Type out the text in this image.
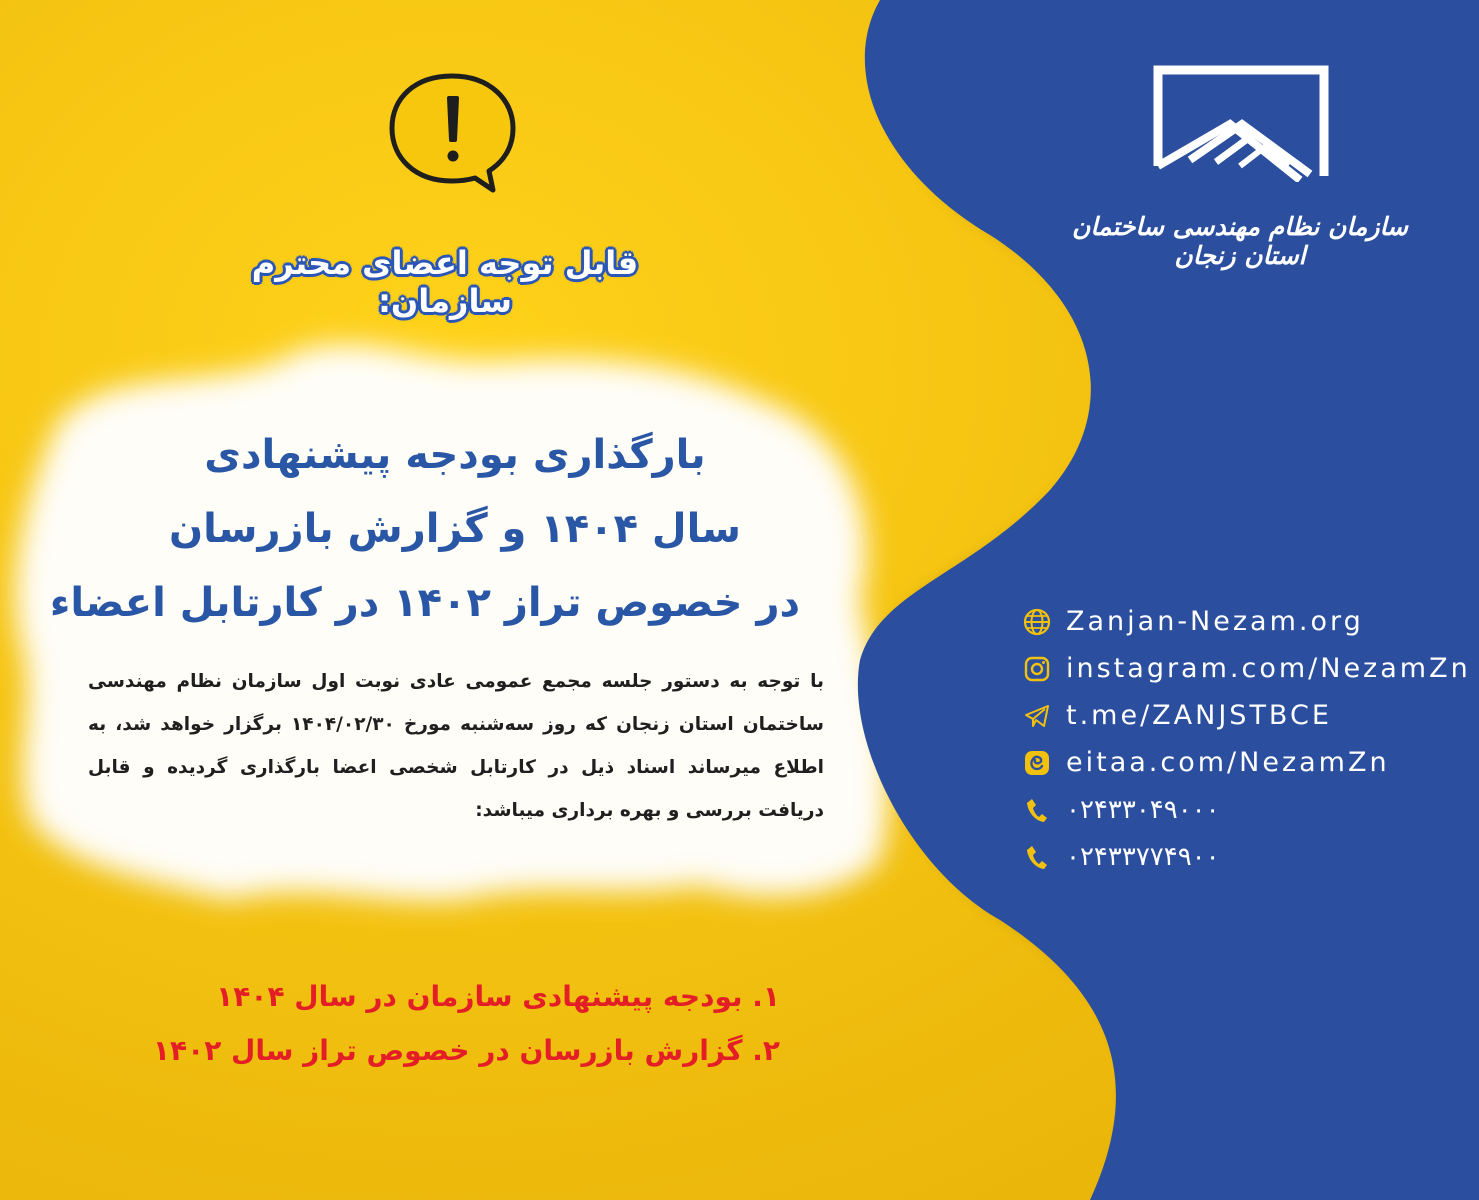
قابل توجه اعضای محترم سازمان:
بارگذاری بودجه پیشنهادی
سال ۱۴۰۴ و گزارش بازرسان
در خصوص تراز ۱۴۰۲ در کارتابل اعضاء
با توجه به دستور جلسه مجمع عمومی عادی نوبت اول سازمان نظام مهندسی ساختمان استان زنجان که روز سه‌شنبه مورخ ۱۴۰۴/۰۲/۳۰ برگزار خواهد شد، به اطلاع میرساند اسناد ذیل در کارتابل شخصی اعضا بارگذاری گردیده و قابل دریافت بررسی و بهره برداری میباشد:
۱. بودجه پیشنهادی سازمان در سال ۱۴۰۴
۲. گزارش بازرسان در خصوص تراز سال ۱۴۰۲
سازمان نظام مهندسی ساختمان استان زنجان
Zanjan-Nezam.org
instagram.com/NezamZn
t.me/ZANJSTBCE
eitaa.com/NezamZn
۰۲۴۳۳۰۴۹۰۰۰
۰۲۴۳۳۷۷۴۹۰۰
